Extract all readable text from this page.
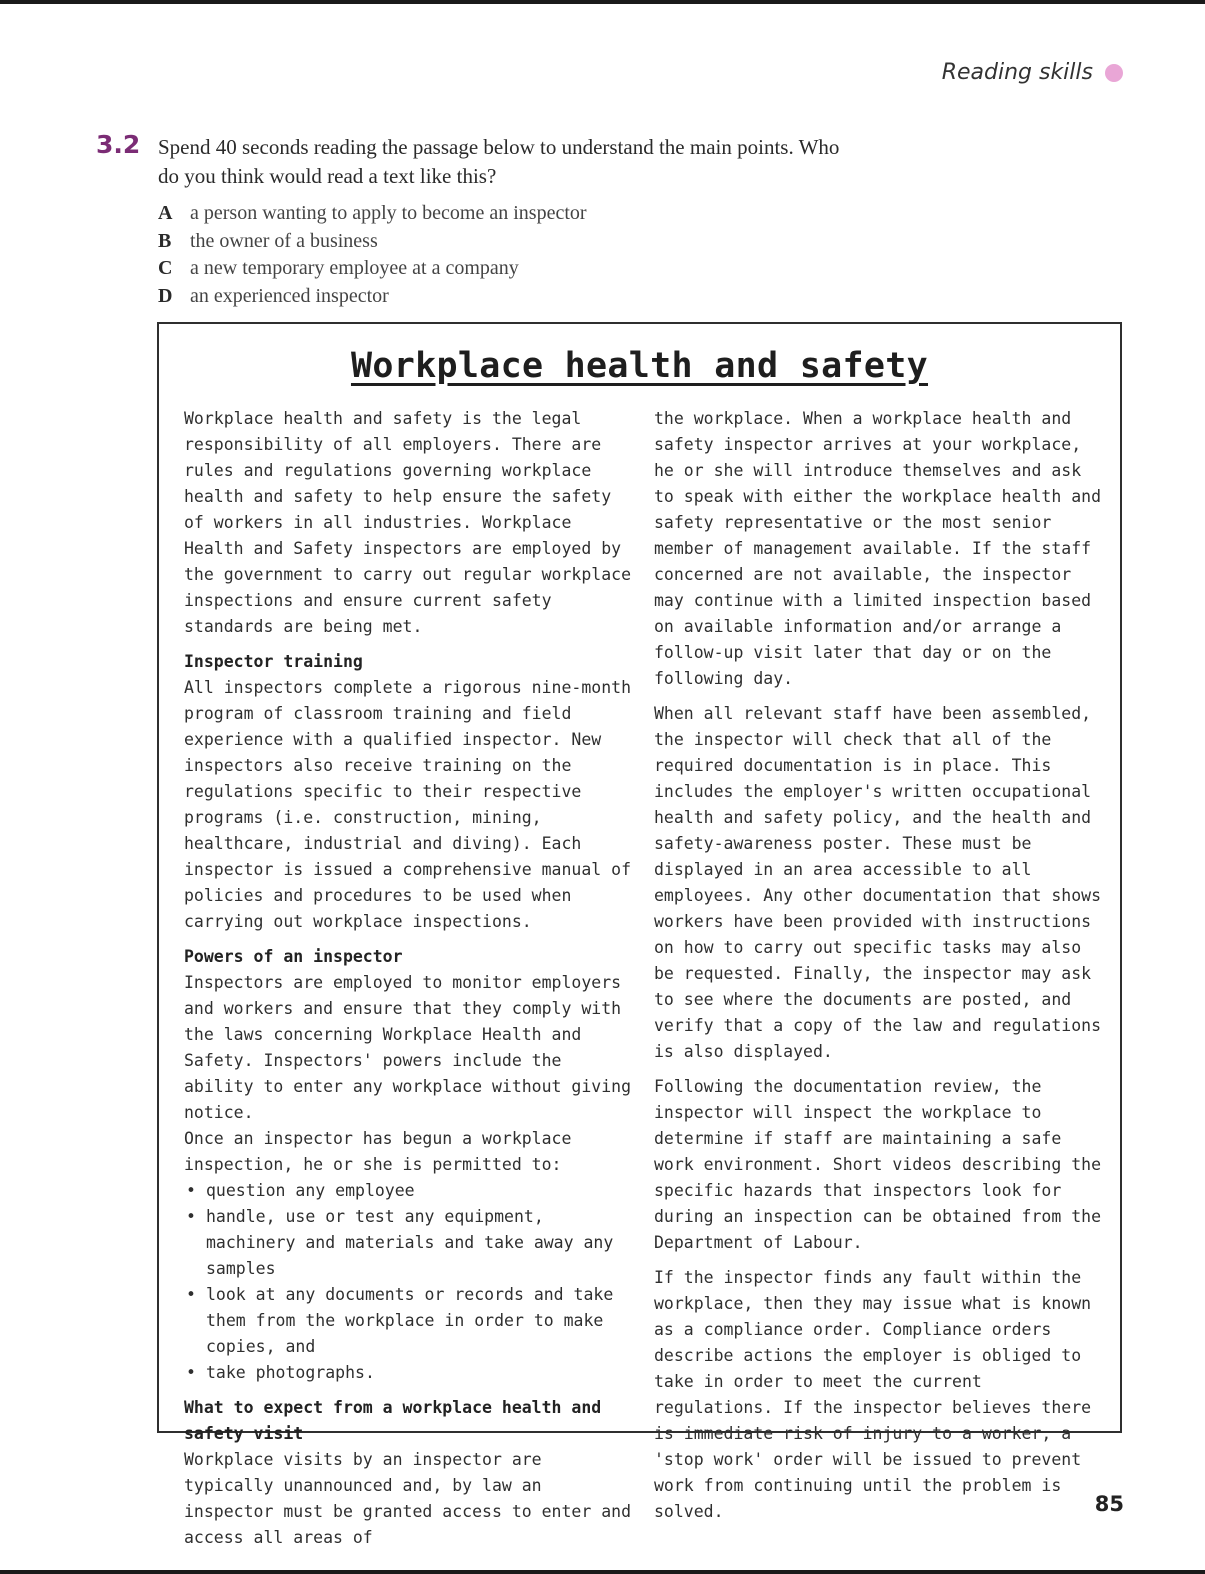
Reading skills
3.2 Spend 40 seconds reading the passage below to understand the main points. Who do you think would read a text like this?
A a person wanting to apply to become an inspector
B the owner of a business
C a new temporary employee at a company
D an experienced inspector
Workplace health and safety

Workplace health and safety is the legal responsibility of all employers. There are rules and regulations governing workplace health and safety to help ensure the safety of workers in all industries. Workplace Health and Safety inspectors are employed by the government to carry out regular workplace inspections and ensure current safety standards are being met.

Inspector training

All inspectors complete a rigorous nine-month program of classroom training and field experience with a qualified inspector. New inspectors also receive training on the regulations specific to their respective programs (i.e. construction, mining, healthcare, industrial and diving). Each inspector is issued a comprehensive manual of policies and procedures to be used when carrying out workplace inspections.

Powers of an inspector

Inspectors are employed to monitor employers and workers and ensure that they comply with the laws concerning Workplace Health and Safety. Inspectors' powers include the ability to enter any workplace without giving notice.

Once an inspector has begun a workplace inspection, he or she is permitted to:

• question any employee
• handle, use or test any equipment, machinery and materials and take away any samples
• look at any documents or records and take them from the workplace in order to make copies, and
• take photographs.
What to expect from a workplace health and safety visit

Workplace visits by an inspector are typically unannounced and, by law an inspector must be granted access to enter and access all areas of

the workplace. When a workplace health and safety inspector arrives at your workplace, he or she will introduce themselves and ask to speak with either the workplace health and safety representative or the most senior member of management available. If the staff concerned are not available, the inspector may continue with a limited inspection based on available information and/or arrange a follow-up visit later that day or on the following day.

When all relevant staff have been assembled, the inspector will check that all of the required documentation is in place. This includes the employer's written occupational health and safety policy, and the health and safety-awareness poster. These must be displayed in an area accessible to all employees. Any other documentation that shows workers have been provided with instructions on how to carry out specific tasks may also be requested. Finally, the inspector may ask to see where the documents are posted, and verify that a copy of the law and regulations is also displayed.

Following the documentation review, the inspector will inspect the workplace to determine if staff are maintaining a safe work environment. Short videos describing the specific hazards that inspectors look for during an inspection can be obtained from the Department of Labour.

If the inspector finds any fault within the workplace, then they may issue what is known as a compliance order. Compliance orders describe actions the employer is obliged to take in order to meet the current regulations. If the inspector believes there is immediate risk of injury to a worker, a 'stop work' order will be issued to prevent work from continuing until the problem is solved.	85
